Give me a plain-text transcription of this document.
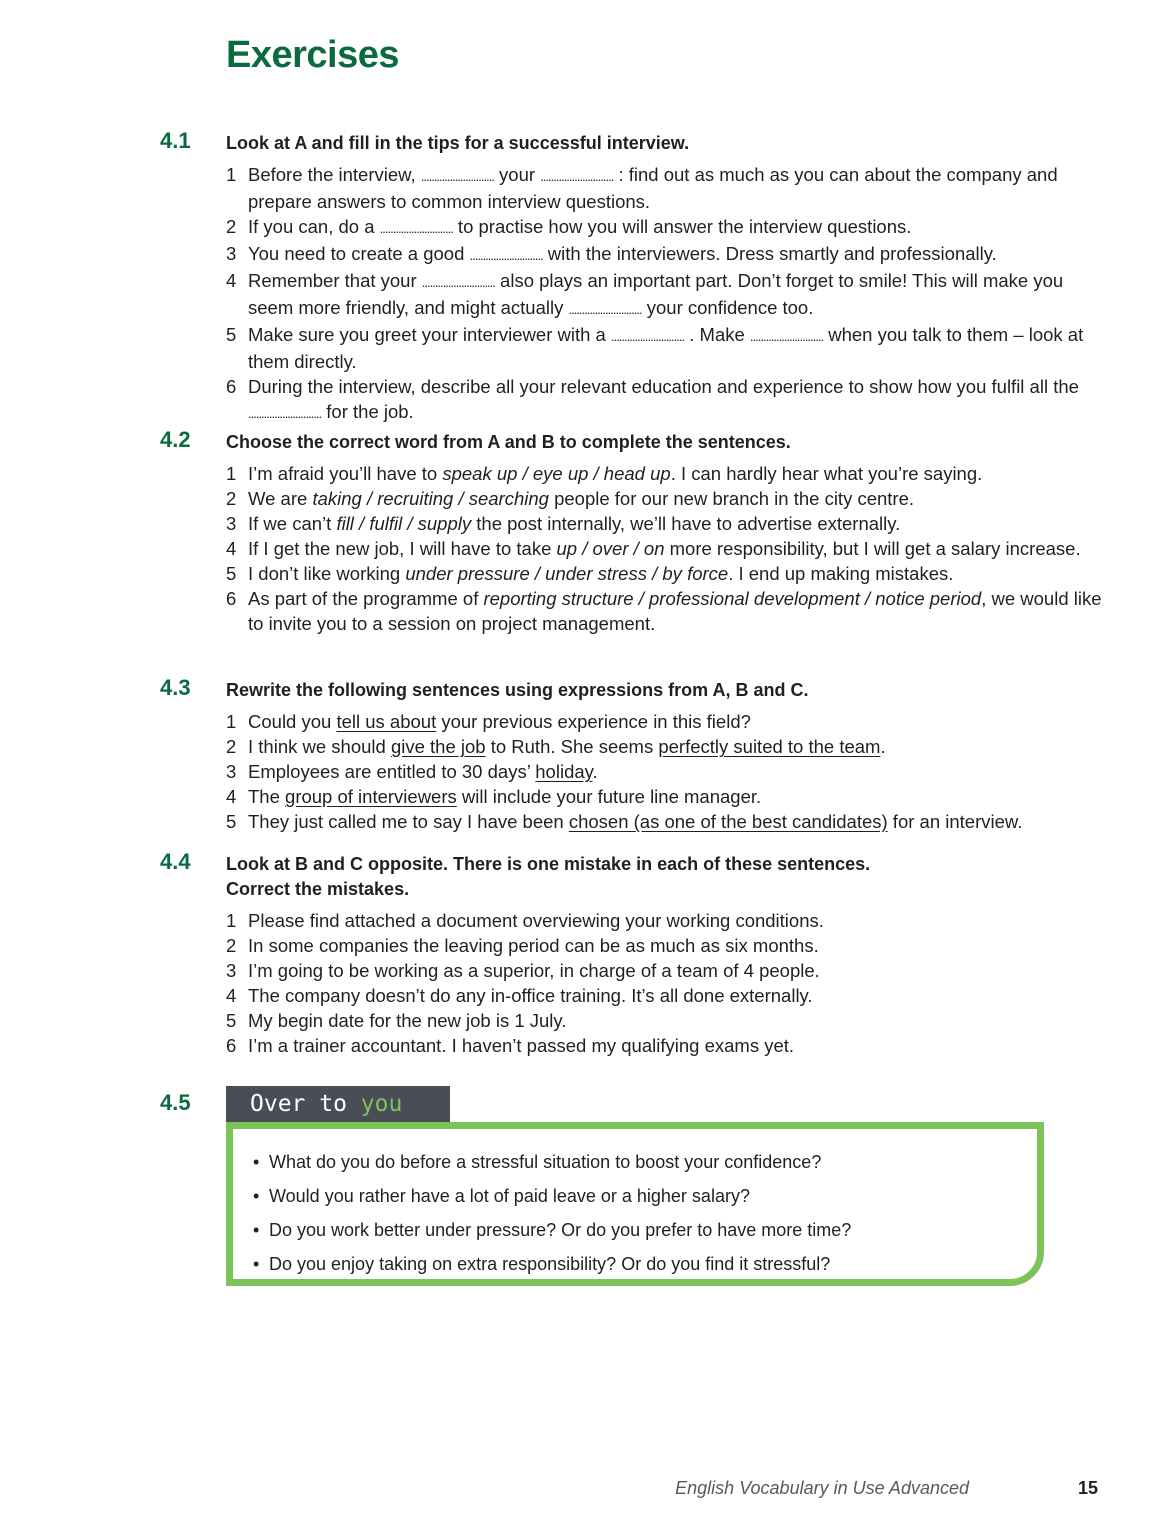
Exercises
4.1 Look at A and fill in the tips for a successful interview.
1 Before the interview, ............................ your ............................ : find out as much as you can about the company and prepare answers to common interview questions.
2 If you can, do a ............................ to practise how you will answer the interview questions.
3 You need to create a good ............................ with the interviewers. Dress smartly and professionally.
4 Remember that your ............................ also plays an important part. Don’t forget to smile! This will make you seem more friendly, and might actually ............................ your confidence too.
5 Make sure you greet your interviewer with a ............................ . Make ............................ when you talk to them – look at them directly.
6 During the interview, describe all your relevant education and experience to show how you fulfil all the ............................ for the job.
4.2 Choose the correct word from A and B to complete the sentences.
1 I’m afraid you’ll have to speak up / eye up / head up. I can hardly hear what you’re saying.
2 We are taking / recruiting / searching people for our new branch in the city centre.
3 If we can’t fill / fulfil / supply the post internally, we’ll have to advertise externally.
4 If I get the new job, I will have to take up / over / on more responsibility, but I will get a salary increase.
5 I don’t like working under pressure / under stress / by force. I end up making mistakes.
6 As part of the programme of reporting structure / professional development / notice period, we would like to invite you to a session on project management.
4.3 Rewrite the following sentences using expressions from A, B and C.
1 Could you tell us about your previous experience in this field?
2 I think we should give the job to Ruth. She seems perfectly suited to the team.
3 Employees are entitled to 30 days’ holiday.
4 The group of interviewers will include your future line manager.
5 They just called me to say I have been chosen (as one of the best candidates) for an interview.
4.4 Look at B and C opposite. There is one mistake in each of these sentences.
Correct the mistakes.
1 Please find attached a document overviewing your working conditions.
2 In some companies the leaving period can be as much as six months.
3 I’m going to be working as a superior, in charge of a team of 4 people.
4 The company doesn’t do any in-office training. It’s all done externally.
5 My begin date for the new job is 1 July.
6 I’m a trainer accountant. I haven’t passed my qualifying exams yet.
4.5	Over to you
• What do you do before a stressful situation to boost your confidence?
• Would you rather have a lot of paid leave or a higher salary?
• Do you work better under pressure? Or do you prefer to have more time?
• Do you enjoy taking on extra responsibility? Or do you find it stressful?
English Vocabulary in Use Advanced	15
